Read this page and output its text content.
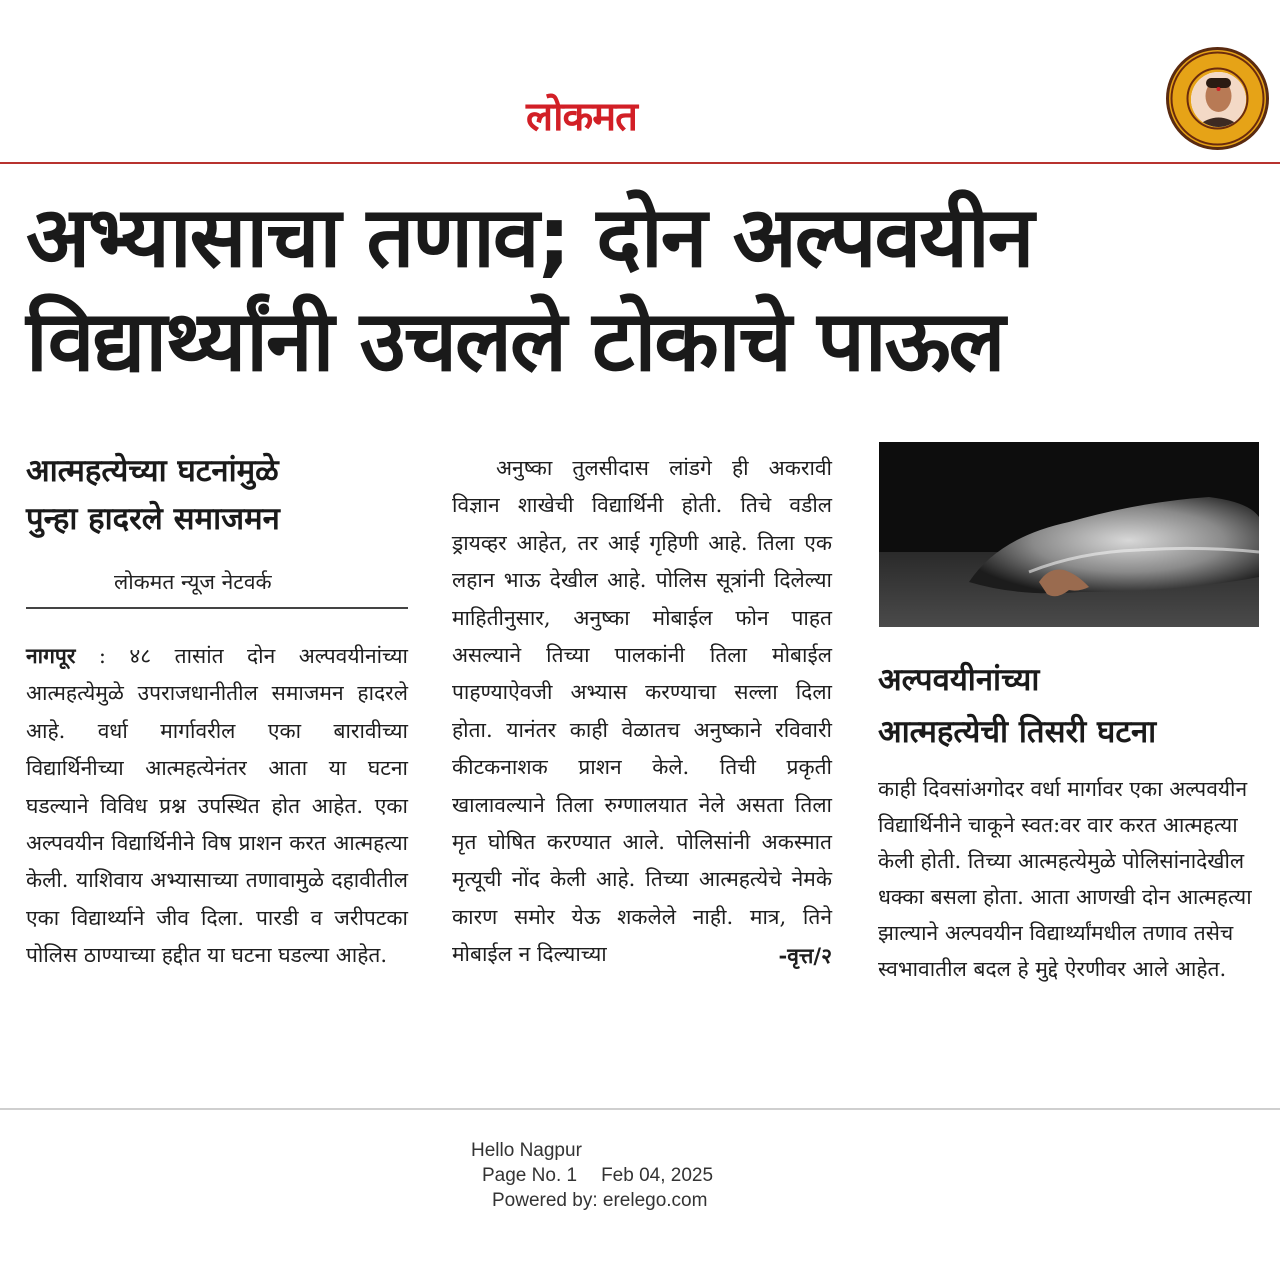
लोकमत
अभ्यासाचा तणाव; दोन अल्पवयीन
विद्यार्थ्यांनी उचलले टोकाचे पाऊल
आत्महत्येच्या घटनांमुळे
पुन्हा हादरले समाजमन
लोकमत न्यूज नेटवर्क
नागपूर : ४८ तासांत दोन अल्पवयीनांच्या आत्महत्येमुळे उपराजधानीतील समाजमन हादरले आहे. वर्धा मार्गावरील एका बारावीच्या विद्यार्थिनीच्या आत्महत्येनंतर आता या घटना घडल्याने विविध प्रश्न उपस्थित होत आहेत. एका अल्पवयीन विद्यार्थिनीने विष प्राशन करत आत्महत्या केली. याशिवाय अभ्यासाच्या तणावामुळे दहावीतील एका विद्यार्थ्याने जीव दिला. पारडी व जरीपटका पोलिस ठाण्याच्या हद्दीत या घटना घडल्या आहेत.
अनुष्का तुलसीदास लांडगे ही अकरावी विज्ञान शाखेची विद्यार्थिनी होती. तिचे वडील ड्रायव्हर आहेत, तर आई गृहिणी आहे. तिला एक लहान भाऊ देखील आहे. पोलिस सूत्रांनी दिलेल्या माहितीनुसार, अनुष्का मोबाईल फोन पाहत असल्याने तिच्या पालकांनी तिला मोबाईल पाहण्याऐवजी अभ्यास करण्याचा सल्ला दिला होता. यानंतर काही वेळातच अनुष्काने रविवारी कीटकनाशक प्राशन केले. तिची प्रकृती खालावल्याने तिला रुग्णालयात नेले असता तिला मृत घोषित करण्यात आले. पोलिसांनी अकस्मात मृत्यूची नोंद केली आहे. तिच्या आत्महत्येचे नेमके कारण समोर येऊ शकलेले नाही. मात्र, तिने मोबाईल न दिल्याच्या	-वृत्त/२
अल्पवयीनांच्या
आत्महत्येची तिसरी घटना
काही दिवसांअगोदर वर्धा मार्गावर एका अल्पवयीन विद्यार्थिनीने चाकूने स्वत:वर वार करत आत्महत्या केली होती. तिच्या आत्महत्येमुळे पोलिसांनादेखील धक्का बसला होता. आता आणखी दोन आत्महत्या झाल्याने अल्पवयीन विद्यार्थ्यांमधील तणाव तसेच स्वभावातील बदल हे मुद्दे ऐरणीवर आले आहेत.
Hello Nagpur
Page No. 1 Feb 04, 2025
Powered by: erelego.com
